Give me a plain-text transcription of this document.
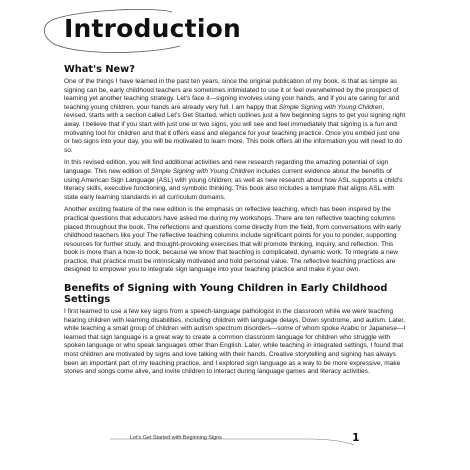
Introduction
What's New?

One of the things I have learned in the past ten years, since the original publication of my book, is that as simple as signing can be, early childhood teachers are sometimes intimidated to use it or feel overwhelmed by the prospect of learning yet another teaching strategy. Let's face it—signing involves using your hands, and if you are caring for and teaching young children, your hands are already very full. I am happy that Simple Signing with Young Children, revised, starts with a section called Let's Get Started, which outlines just a few beginning signs to get you signing right away. I believe that if you start with just one or two signs, you will see and feel immediately that signing is a fun and motivating tool for children and that it offers ease and elegance for your teaching practice. Once you embed just one or two signs into your day, you will be motivated to learn more. This book offers all the information you will need to do so.

In this revised edition, you will find additional activities and new research regarding the amazing potential of sign language. This new edition of Simple Signing with Young Children includes current evidence about the benefits of using American Sign Language (ASL) with young children, as well as new research about how ASL supports a child's literacy skills, executive functioning, and symbolic thinking. This book also includes a template that aligns ASL with state early learning standards in all curriculum domains.

Another exciting feature of the new edition is the emphasis on reflective teaching, which has been inspired by the practical questions that educators have asked me during my workshops. There are ten reflective teaching columns placed throughout the book. The reflections and questions come directly from the field, from conversations with early childhood teachers like you! The reflective teaching columns include significant points for you to ponder, supporting resources for further study, and thought-provoking exercises that will promote thinking, inquiry, and reflection. This book is more than a how-to book, because we know that teaching is complicated, dynamic work. To integrate a new practice, that practice must be intrinsically motivated and hold personal value. The reflective teaching practices are designed to empower you to integrate sign language into your teaching practice and make it your own.

Benefits of Signing with Young Children in Early Childhood Settings

I first learned to use a few key signs from a speech-language pathologist in the classroom while we were teaching hearing children with learning disabilities, including children with language delays, Down syndrome, and autism. Later, while teaching a small group of children with autism spectrum disorders—some of whom spoke Arabic or Japanese—I learned that sign language is a great way to create a common classroom language for children who struggle with spoken language or who speak languages other than English. Later, while teaching in integrated settings, I found that most children are motivated by signs and love talking with their hands. Creative storytelling and signing has always been an important part of my teaching practice, and I explored sign language as a way to be more expressive, make stories and songs come alive, and invite children to interact during language games and literacy activities.

Let's Get Started with Beginning Signs	1
